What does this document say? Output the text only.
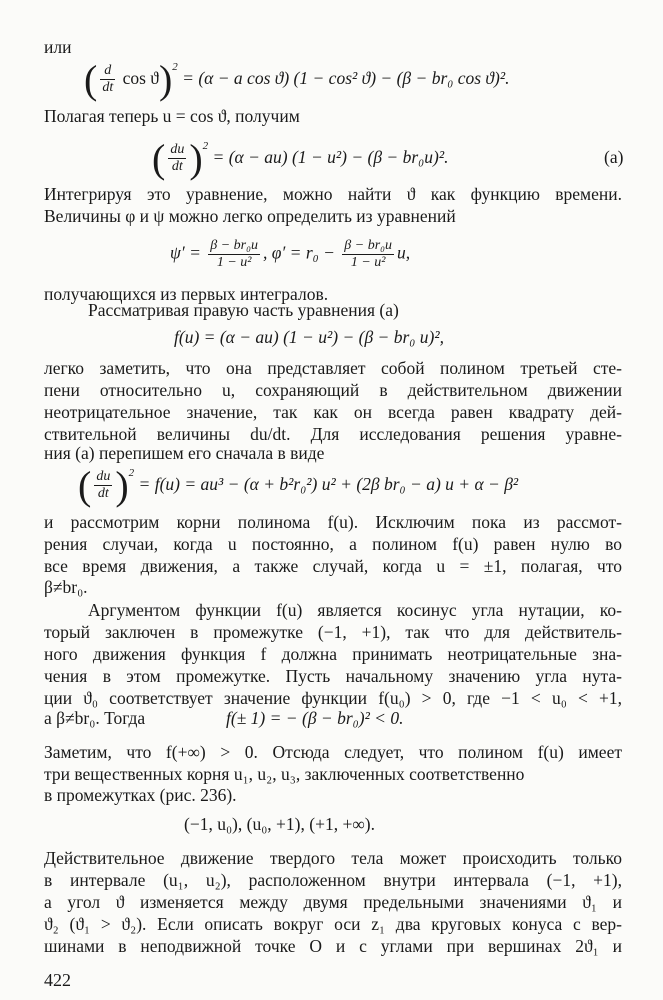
или
( $\frac{d}{dt}$ cos ϑ)$^2$ = (α − a cos ϑ) (1 − cos² ϑ) − (β − br₀ cos ϑ)².
Полагая теперь u = cos ϑ, получим
( $\frac{du}{dt} )^2 = (\alpha - au)$ (1 − u²) − (β − br₀u)².	(a)
Интегрируя это уравнение, можно найти ϑ как функцию времени.
Величины φ и ψ можно легко определить из уравнений
$\psi' = \frac{\text{β − br₀u}}{\text{1 − u²}}$ , $\varphi' = r_0 - \frac{\text{β − br₀u}}{\text{1 − u²}} u$,
получающихся из первых интегралов.
Рассматривая правую часть уравнения (а)
f(u) = (α − au) (1 − u²) − (β − br₀ u)²,
легко заметить, что она представляет собой полином третьей сте-
пени относительно u, сохраняющий в действительном движении
неотрицательное значение, так как он всегда равен квадрату дей-
ствительной величины du/dt. Для исследования решения уравне-
ния (а) перепишем его сначала в виде
( $\frac{du}{dt} )^2 = f(u) = au^3 - (\alpha + b^2r_0^2)$ u² + (2β br₀ − a) u + α − β²
и рассмотрим корни полинома f(u). Исключим пока из рассмот-
рения случаи, когда u постоянно, а полином f(u) равен нулю во
все время движения, а также случай, когда u = ±1, полагая, что
β≠br₀.
Аргументом функции f(u) является косинус угла нутации, ко-
торый заключен в промежутке (−1, +1), так что для действитель-
ного движения функция f должна принимать неотрицательные зна-
чения в этом промежутке. Пусть начальному значению угла нута-
ции ϑ₀ соответствует значение функции f(u₀) > 0, где −1 < u₀ < +1,
а β≠br₀. Тогда	f(± 1) = − (β − br₀)² < 0.
Заметим, что f(+∞) > 0. Отсюда следует, что полином f(u) имеет
три вещественных корня u₁, u₂, u₃, заключенных соответственно
в промежутках (рис. 236).
(−1, u₀), (u₀, +1), (+1, +∞).
Действительное движение твердого тела может происходить только
в интервале (u₁, u₂), расположенном внутри интервала (−1, +1),
а угол ϑ изменяется между двумя предельными значениями ϑ₁ и
ϑ₂ (ϑ₁ > ϑ₂). Если описать вокруг оси z₁ два круговых конуса с вер-
шинами в неподвижной точке O и с углами при вершинах 2ϑ₁ и
422
